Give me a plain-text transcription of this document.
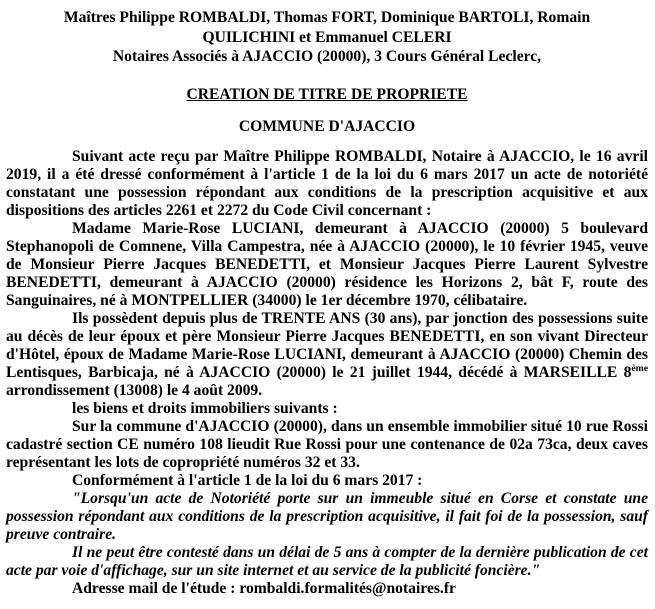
Maîtres Philippe ROMBALDI, Thomas FORT, Dominique BARTOLI, Romain QUILICHINI et Emmanuel CELERI
Notaires Associés à AJACCIO (20000), 3 Cours Général Leclerc,
CREATION DE TITRE DE PROPRIETE
COMMUNE D'AJACCIO

Suivant acte reçu par Maître Philippe ROMBALDI, Notaire à AJACCIO, le 16 avril 2019, il a été dressé conformément à l'article 1 de la loi du 6 mars 2017 un acte de notoriété constatant une possession répondant aux conditions de la prescription acquisitive et aux dispositions des articles 2261 et 2272 du Code Civil concernant :

Madame Marie-Rose LUCIANI, demeurant à AJACCIO (20000) 5 boulevard Stephanopoli de Comnene, Villa Campestra, née à AJACCIO (20000), le 10 février 1945, veuve de Monsieur Pierre Jacques BENEDETTI, et Monsieur Jacques Pierre Laurent Sylvestre BENEDETTI, demeurant à AJACCIO (20000) résidence les Horizons 2, bât F, route des Sanguinaires, né à MONTPELLIER (34000) le 1er décembre 1970, célibataire.

Ils possèdent depuis plus de TRENTE ANS (30 ans), par jonction des possessions suite au décès de leur époux et père Monsieur Pierre Jacques BENEDETTI, en son vivant Directeur d'Hôtel, époux de Madame Marie-Rose LUCIANI, demeurant à AJACCIO (20000) Chemin des Lentisques, Barbicaja, né à AJACCIO (20000) le 21 juillet 1944, décédé à MARSEILLE 8ème arrondissement (13008) le 4 août 2009.

les biens et droits immobiliers suivants :

Sur la commune d'AJACCIO (20000), dans un ensemble immobilier situé 10 rue Rossi cadastré section CE numéro 108 lieudit Rue Rossi pour une contenance de 02a 73ca, deux caves représentant les lots de copropriété numéros 32 et 33.

Conformément à l'article 1 de la loi du 6 mars 2017 :

"Lorsqu'un acte de Notoriété porte sur un immeuble situé en Corse et constate une possession répondant aux conditions de la prescription acquisitive, il fait foi de la possession, sauf preuve contraire.

Il ne peut être contesté dans un délai de 5 ans à compter de la dernière publication de cet acte par voie d'affichage, sur un site internet et au service de la publicité foncière."

Adresse mail de l'étude : rombaldi.formalités@notaires.fr
